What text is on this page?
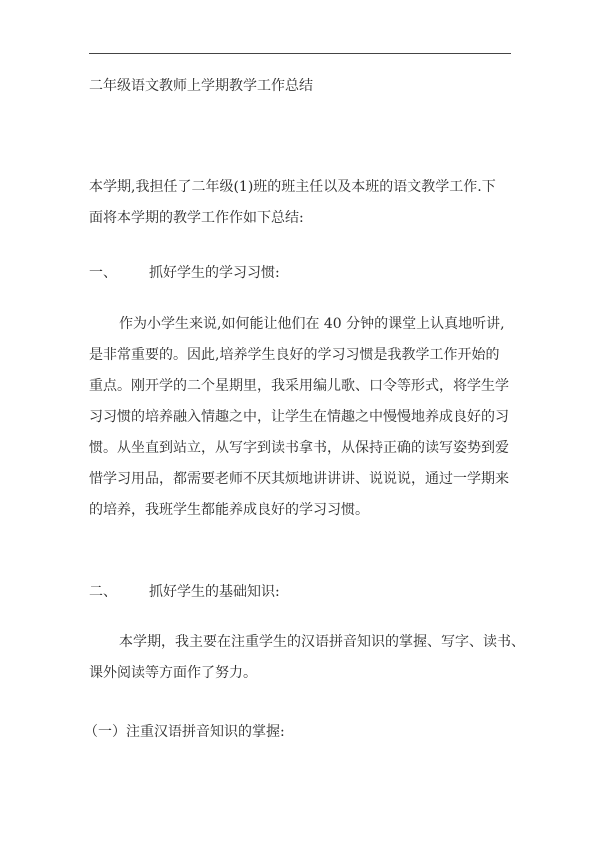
二年级语文教师上学期教学工作总结
本学期,我担任了二年级(1)班的班主任以及本班的语文教学工作.下
面将本学期的教学工作作如下总结:
一、 抓好学生的学习习惯:
作为小学生来说,如何能让他们在 40 分钟的课堂上认真地听讲,
是非常重要的。因此,培养学生良好的学习习惯是我教学工作开始的
重点。刚开学的二个星期里，我采用编儿歌、口令等形式，将学生学
习习惯的培养融入情趣之中，让学生在情趣之中慢慢地养成良好的习
惯。从坐直到站立，从写字到读书拿书，从保持正确的读写姿势到爱
惜学习用品，都需要老师不厌其烦地讲讲讲、说说说，通过一学期来
的培养，我班学生都能养成良好的学习习惯。
二、 抓好学生的基础知识:
本学期，我主要在注重学生的汉语拼音知识的掌握、写字、读书、
课外阅读等方面作了努力。
（一）注重汉语拼音知识的掌握:
